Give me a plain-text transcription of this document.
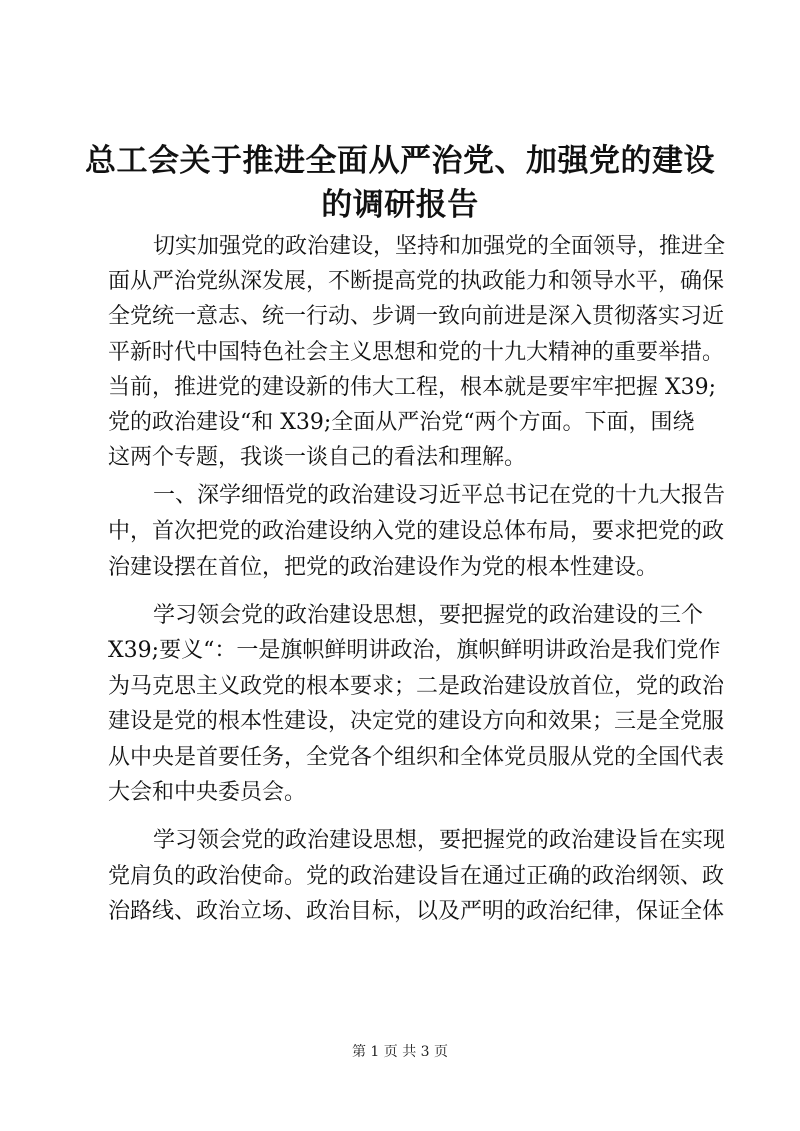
总工会关于推进全面从严治党、加强党的建设
的调研报告
切实加强党的政治建设，坚持和加强党的全面领导，推进全
面从严治党纵深发展，不断提高党的执政能力和领导水平，确保
全党统一意志、统一行动、步调一致向前进是深入贯彻落实习近
平新时代中国特色社会主义思想和党的十九大精神的重要举措。
当前，推进党的建设新的伟大工程，根本就是要牢牢把握 X39;
党的政治建设“和 X39;全面从严治党“两个方面。下面，围绕
这两个专题，我谈一谈自己的看法和理解。
一、深学细悟党的政治建设习近平总书记在党的十九大报告
中，首次把党的政治建设纳入党的建设总体布局，要求把党的政
治建设摆在首位，把党的政治建设作为党的根本性建设。
学习领会党的政治建设思想，要把握党的政治建设的三个
X39;要义“：一是旗帜鲜明讲政治，旗帜鲜明讲政治是我们党作
为马克思主义政党的根本要求；二是政治建设放首位，党的政治
建设是党的根本性建设，决定党的建设方向和效果；三是全党服
从中央是首要任务，全党各个组织和全体党员服从党的全国代表
大会和中央委员会。
学习领会党的政治建设思想，要把握党的政治建设旨在实现
党肩负的政治使命。党的政治建设旨在通过正确的政治纲领、政
治路线、政治立场、政治目标，以及严明的政治纪律，保证全体
第 1 页 共 3 页
